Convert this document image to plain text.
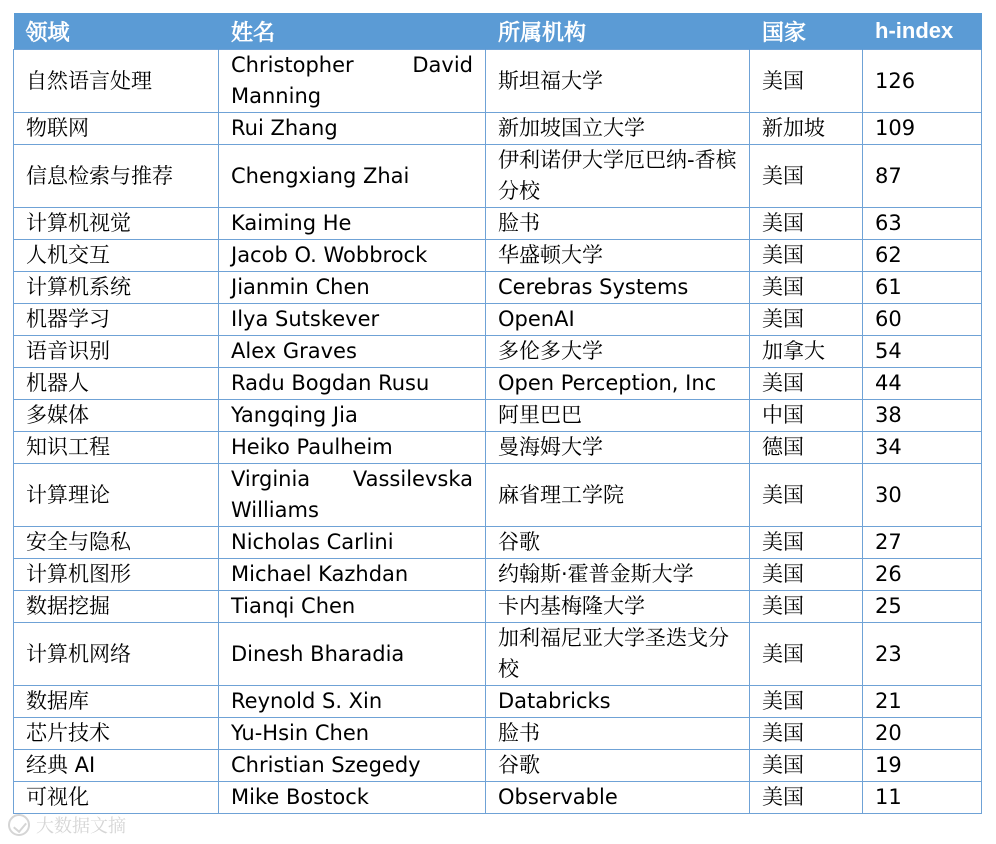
领域	姓名	所属机构	国家	h-index
自然语言处理	Christopher David Manning	斯坦福大学	美国	126
物联网	Rui Zhang	新加坡国立大学	新加坡	109
信息检索与推荐	Chengxiang Zhai	伊利诺伊大学厄巴纳-香槟分校	美国	87
计算机视觉	Kaiming He	脸书	美国	63
人机交互	Jacob O. Wobbrock	华盛顿大学	美国	62
计算机系统	Jianmin Chen	Cerebras Systems	美国	61
机器学习	Ilya Sutskever	OpenAI	美国	60
语音识别	Alex Graves	多伦多大学	加拿大	54
机器人	Radu Bogdan Rusu	Open Perception, Inc	美国	44
多媒体	Yangqing Jia	阿里巴巴	中国	38
知识工程	Heiko Paulheim	曼海姆大学	德国	34
计算理论	Virginia Vassilevska Williams	麻省理工学院	美国	30
安全与隐私	Nicholas Carlini	谷歌	美国	27
计算机图形	Michael Kazhdan	约翰斯·霍普金斯大学	美国	26
数据挖掘	Tianqi Chen	卡内基梅隆大学	美国	25
计算机网络	Dinesh Bharadia	加利福尼亚大学圣迭戈分校	美国	23
数据库	Reynold S. Xin	Databricks	美国	21
芯片技术	Yu-Hsin Chen	脸书	美国	20
经典 AI	Christian Szegedy	谷歌	美国	19
可视化	Mike Bostock	Observable	美国	11
大数据文摘
